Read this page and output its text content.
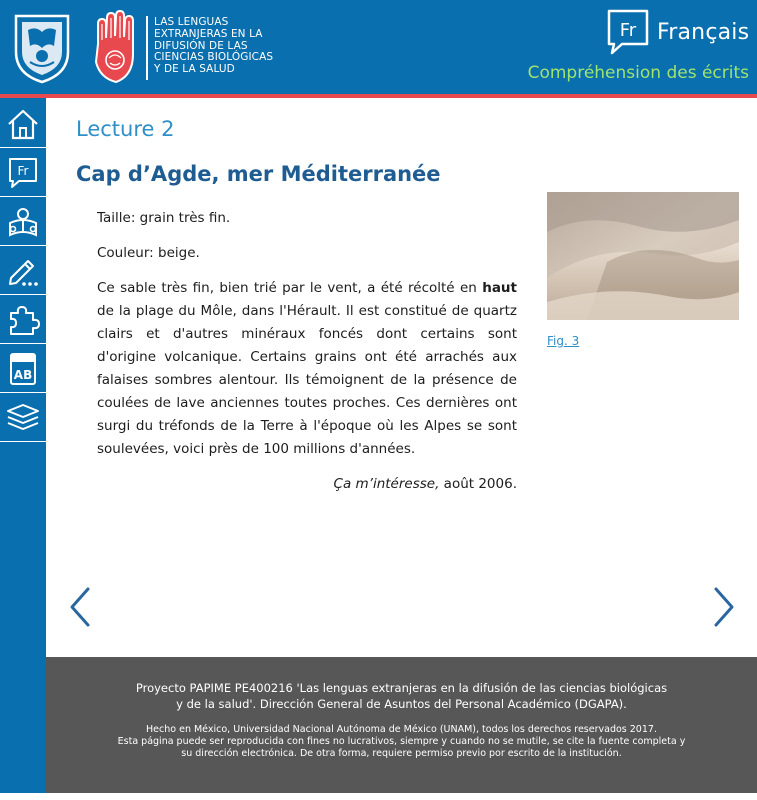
LAS LENGUAS
EXTRANJERAS EN LA
DIFUSIÓN DE LAS
CIENCIAS BIOLÓGICAS
Y DE LA SALUD
Fr Français
Compréhension des écrits
Fr
AB
Lecture 2
Cap d’Agde, mer Méditerranée

Taille: grain très fin.

Couleur: beige.

Ce sable très fin, bien trié par le vent, a été récolté en haut de la plage du Môle, dans l'Hérault. Il est constitué de quartz clairs et d'autres minéraux foncés dont certains sont d'origine volcanique. Certains grains ont été arrachés aux falaises sombres alentour. Ils témoignent de la présence de coulées de lave anciennes toutes proches. Ces dernières ont surgi du tréfonds de la Terre à l'époque où les Alpes se sont soulevées, voici près de 100 millions d'années.

Ça m’intéresse, août 2006.

Fig. 3
Proyecto PAPIME PE400216 'Las lenguas extranjeras en la difusión de las ciencias biológicas
y de la salud'. Dirección General de Asuntos del Personal Académico (DGAPA).
Hecho en México, Universidad Nacional Autónoma de México (UNAM), todos los derechos reservados 2017.
Esta página puede ser reproducida con fines no lucrativos, siempre y cuando no se mutile, se cite la fuente completa y
su dirección electrónica. De otra forma, requiere permiso previo por escrito de la institución.
